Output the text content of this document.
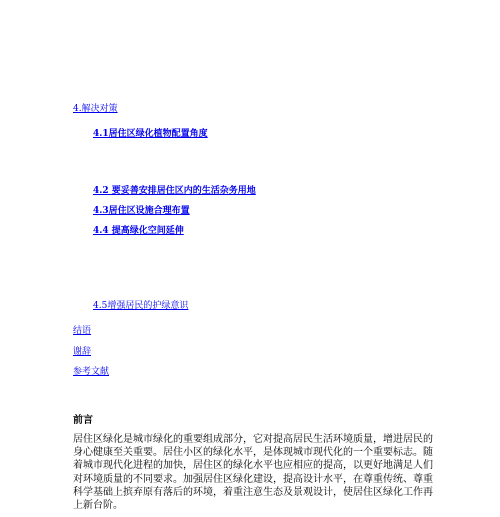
4.解决对策
4.1居住区绿化植物配置角度
4.2 要妥善安排居住区内的生活杂务用地
4.3居住区设施合理布置
4.4 提高绿化空间延伸
4.5增强居民的护绿意识
结语
谢辞
参考文献
前言

居住区绿化是城市绿化的重要组成部分，它对提高居民生活环境质量，增进居民的身心健康至关重要。居住小区的绿化水平，是体现城市现代化的一个重要标志。随着城市现代化进程的加快，居住区的绿化水平也应相应的提高，以更好地满足人们对环境质量的不同要求。加强居住区绿化建设，提高设计水平，在尊重传统、尊重科学基础上摈弃原有落后的环境，着重注意生态及景观设计，使居住区绿化工作再上新台阶。
